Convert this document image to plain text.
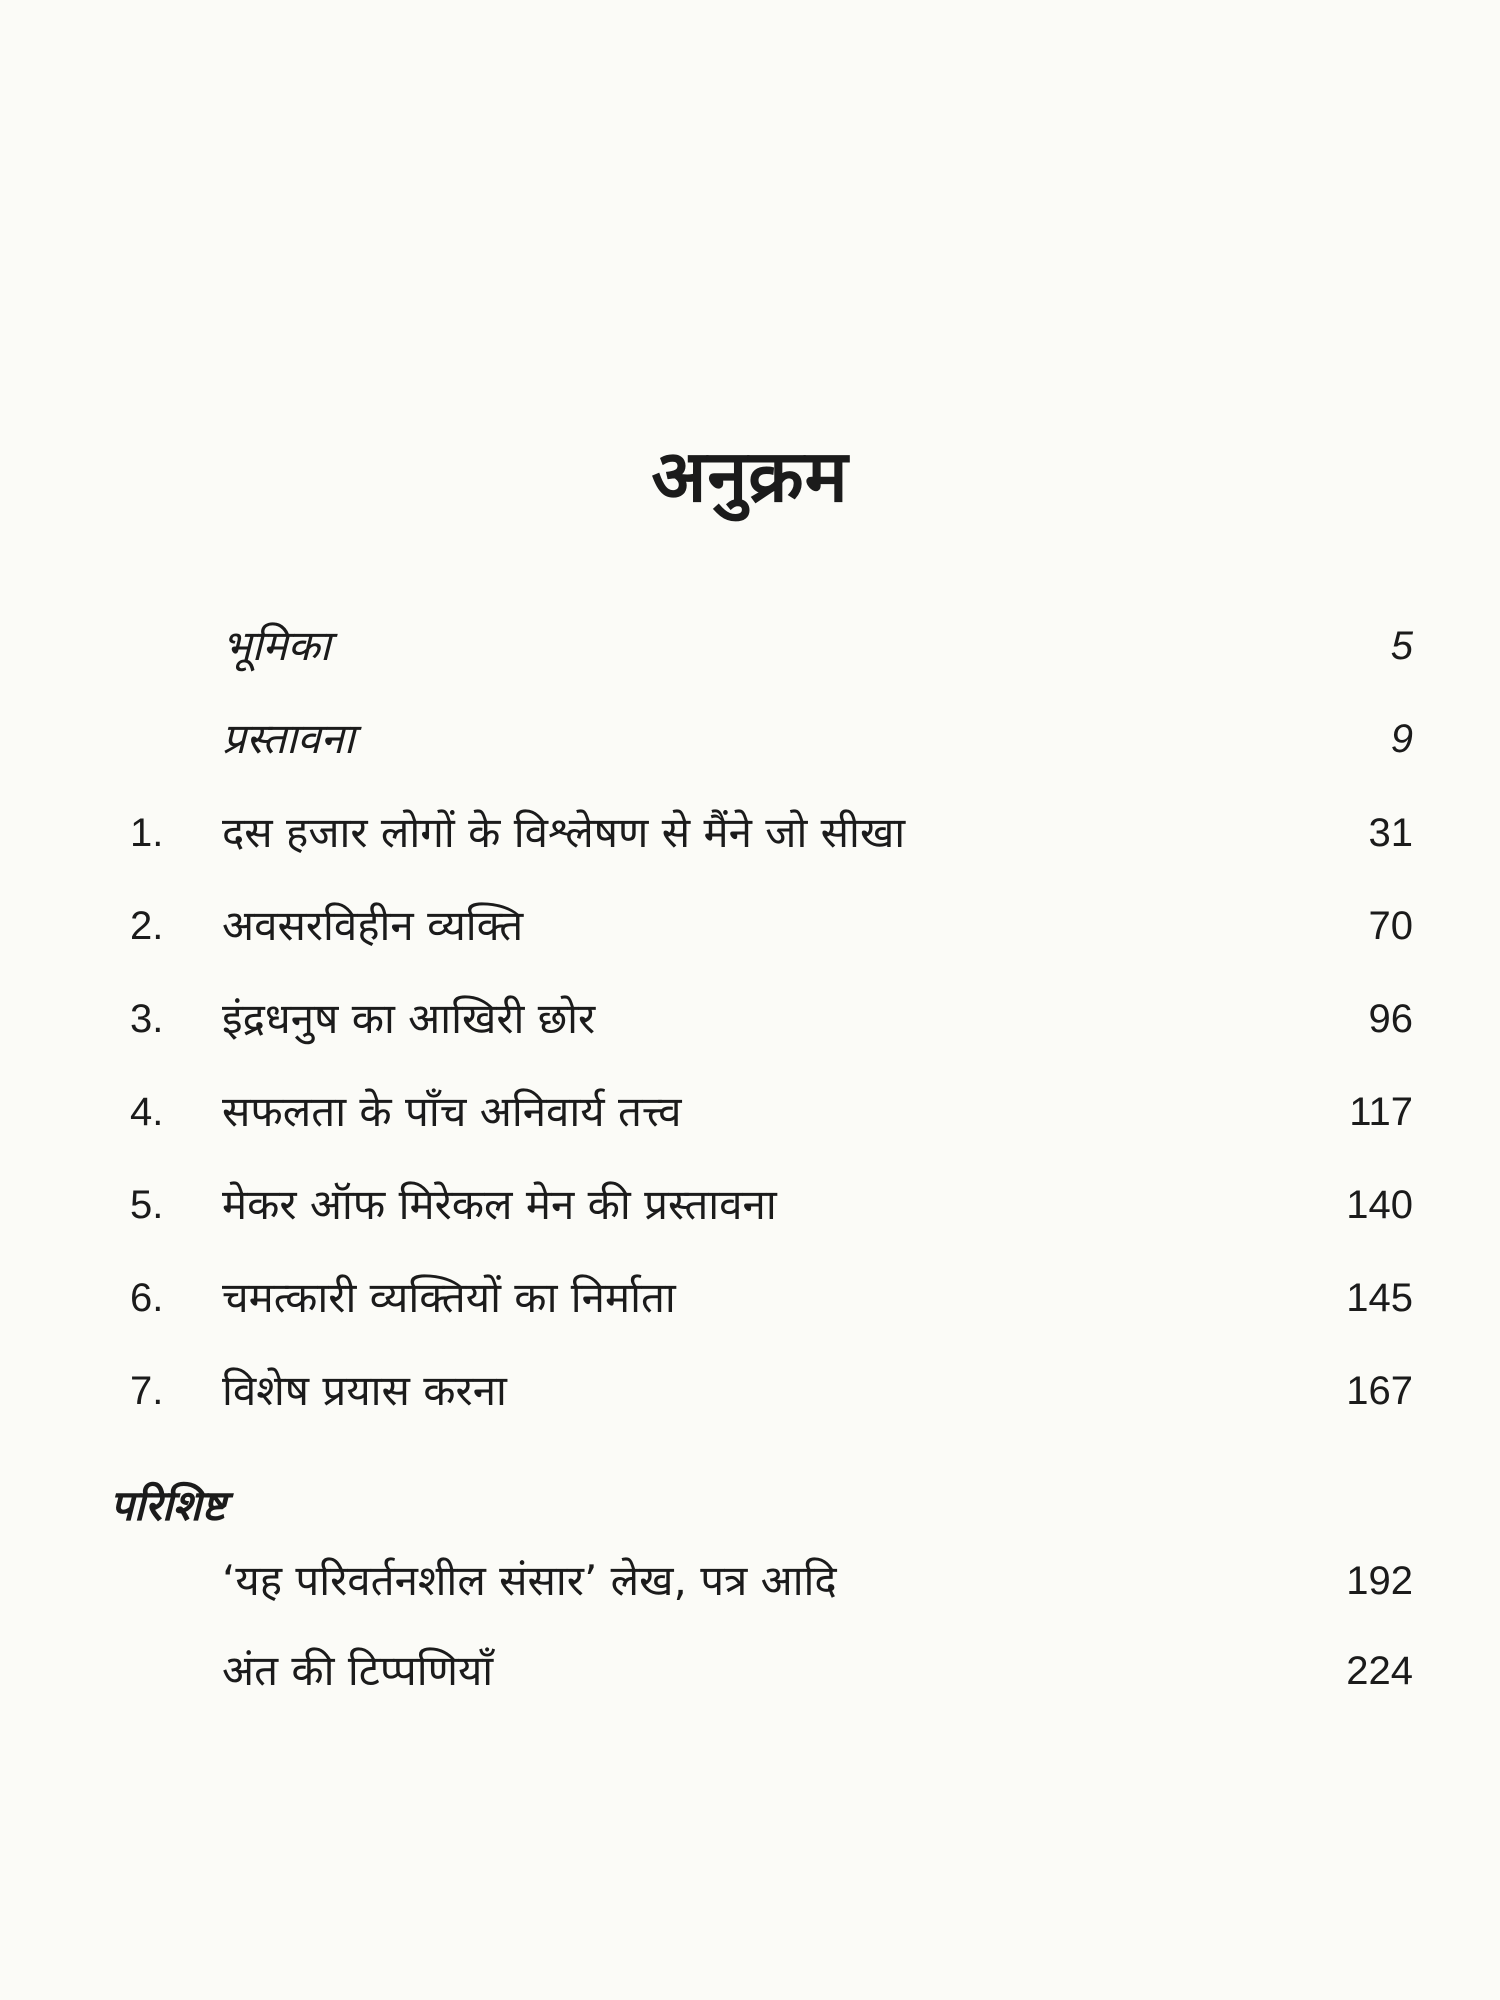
अनुक्रम
भूमिका	5
प्रस्तावना	9
1.	दस हजार लोगों के विश्लेषण से मैंने जो सीखा	31
2.	अवसरविहीन व्यक्ति	70
3.	इंद्रधनुष का आखिरी छोर	96
4.	सफलता के पाँच अनिवार्य तत्त्व	117
5.	मेकर ऑफ मिरेकल मेन की प्रस्तावना	140
6.	चमत्कारी व्यक्तियों का निर्माता	145
7.	विशेष प्रयास करना	167
परिशिष्ट
‘यह परिवर्तनशील संसार’ लेख, पत्र आदि	192
अंत की टिप्पणियाँ	224
